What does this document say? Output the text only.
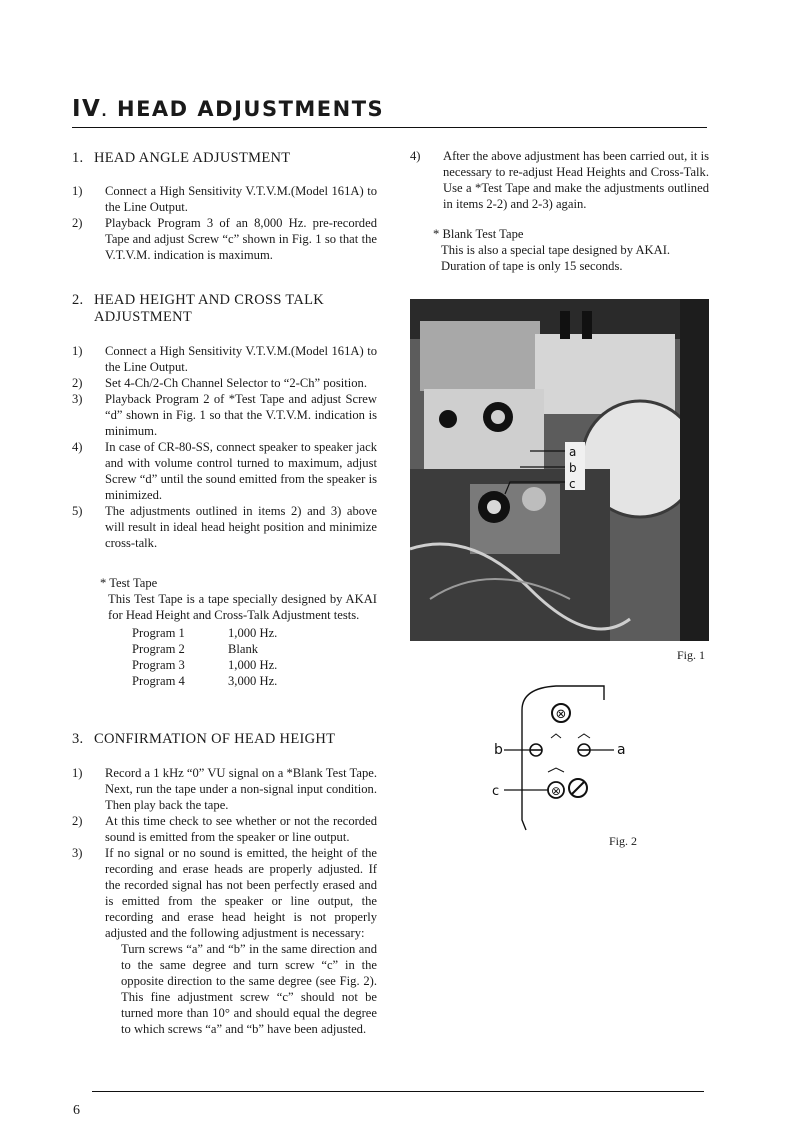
IV. HEAD ADJUSTMENTS
1. HEAD ANGLE ADJUSTMENT
1)	Connect a High Sensitivity V.T.V.M.(Model 161A) to the Line Output.
2)	Playback Program 3 of an 8,000 Hz. pre-recorded Tape and adjust Screw “c” shown in Fig. 1 so that the V.T.V.M. indication is maximum.
2. HEAD HEIGHT AND CROSS TALK
ADJUSTMENT
1)	Connect a High Sensitivity V.T.V.M.(Model 161A) to the Line Output.
2)	Set 4-Ch/2-Ch Channel Selector to “2-Ch” position.
3)	Playback Program 2 of *Test Tape and adjust Screw “d” shown in Fig. 1 so that the V.T.V.M. indication is minimum.
4)	In case of CR-80-SS, connect speaker to speaker jack and with volume control turned to maximum, adjust Screw “d” until the sound emitted from the speaker is minimized.
5)	The adjustments outlined in items 2) and 3) above will result in ideal head height position and minimize cross-talk.
* Test Tape
This Test Tape is a tape specially designed by AKAI for Head Height and Cross-Talk Adjustment tests.
Program 1	1,000 Hz.
Program 2	Blank
Program 3	1,000 Hz.
Program 4	3,000 Hz.
3. CONFIRMATION OF HEAD HEIGHT
1)	Record a 1 kHz “0” VU signal on a *Blank Test Tape. Next, run the tape under a non-signal input condition. Then play back the tape.
2)	At this time check to see whether or not the recorded sound is emitted from the speaker or line output.
3)	If no signal or no sound is emitted, the height of the recording and erase heads are properly adjusted. If the recorded signal has not been perfectly erased and is emitted from the speaker or line output, the recording and erase head height is not properly adjusted and the following adjustment is necessary:
Turn screws “a” and “b” in the same direction and to the same degree and turn screw “c” in the opposite direction to the same degree (see Fig. 2). This fine adjustment screw “c” should not be turned more than 10° and should equal the degree to which screws “a” and “b” have been adjusted.
4)	After the above adjustment has been carried out, it is necessary to re-adjust Head Heights and Cross-Talk. Use a *Test Tape and make the adjustments outlined in items 2-2) and 2-3) again.
* Blank Test Tape
This is also a special tape designed by AKAI.
Duration of tape is only 15 seconds.
a
b
c
Fig. 1
⊗
⊗
b	a
c
Fig. 2
6
